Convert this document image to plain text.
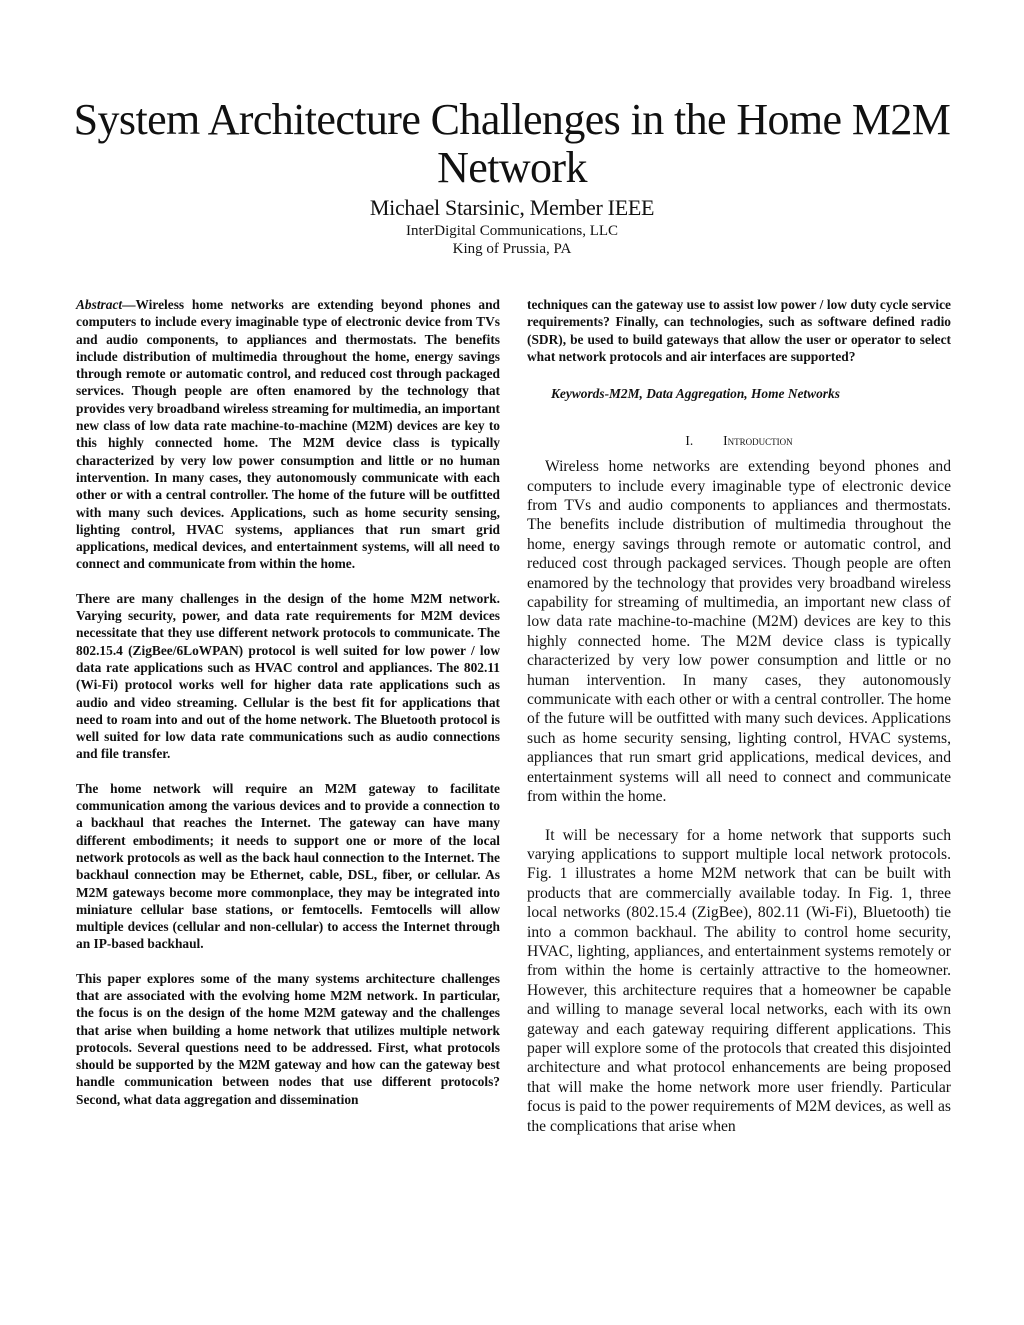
System Architecture Challenges in the Home M2M Network
Michael Starsinic, Member IEEE
InterDigital Communications, LLC
King of Prussia, PA

Abstract—Wireless home networks are extending beyond phones and computers to include every imaginable type of electronic device from TVs and audio components, to appliances and thermostats. The benefits include distribution of multimedia throughout the home, energy savings through remote or automatic control, and reduced cost through packaged services. Though people are often enamored by the technology that provides very broadband wireless streaming for multimedia, an important new class of low data rate machine-to-machine (M2M) devices are key to this highly connected home. The M2M device class is typically characterized by very low power consumption and little or no human intervention. In many cases, they autonomously communicate with each other or with a central controller. The home of the future will be outfitted with many such devices. Applications, such as home security sensing, lighting control, HVAC systems, appliances that run smart grid applications, medical devices, and entertainment systems, will all need to connect and communicate from within the home.

There are many challenges in the design of the home M2M network. Varying security, power, and data rate requirements for M2M devices necessitate that they use different network protocols to communicate. The 802.15.4 (ZigBee/6LoWPAN) protocol is well suited for low power / low data rate applications such as HVAC control and appliances. The 802.11 (Wi-Fi) protocol works well for higher data rate applications such as audio and video streaming. Cellular is the best fit for applications that need to roam into and out of the home network. The Bluetooth protocol is well suited for low data rate communications such as audio connections and file transfer.

The home network will require an M2M gateway to facilitate communication among the various devices and to provide a connection to a backhaul that reaches the Internet. The gateway can have many different embodiments; it needs to support one or more of the local network protocols as well as the back haul connection to the Internet. The backhaul connection may be Ethernet, cable, DSL, fiber, or cellular. As M2M gateways become more commonplace, they may be integrated into miniature cellular base stations, or femtocells. Femtocells will allow multiple devices (cellular and non-cellular) to access the Internet through an IP-based backhaul.

This paper explores some of the many systems architecture challenges that are associated with the evolving home M2M network. In particular, the focus is on the design of the home M2M gateway and the challenges that arise when building a home network that utilizes multiple network protocols. Several questions need to be addressed. First, what protocols should be supported by the M2M gateway and how can the gateway best handle communication between nodes that use different protocols? Second, what data aggregation and dissemination

techniques can the gateway use to assist low power / low duty cycle service requirements? Finally, can technologies, such as software defined radio (SDR), be used to build gateways that allow the user or operator to select what network protocols and air interfaces are supported?

Keywords-M2M, Data Aggregation, Home Networks
I. Introduction

Wireless home networks are extending beyond phones and computers to include every imaginable type of electronic device from TVs and audio components to appliances and thermostats. The benefits include distribution of multimedia throughout the home, energy savings through remote or automatic control, and reduced cost through packaged services. Though people are often enamored by the technology that provides very broadband wireless capability for streaming of multimedia, an important new class of low data rate machine-to-machine (M2M) devices are key to this highly connected home. The M2M device class is typically characterized by very low power consumption and little or no human intervention. In many cases, they autonomously communicate with each other or with a central controller. The home of the future will be outfitted with many such devices. Applications such as home security sensing, lighting control, HVAC systems, appliances that run smart grid applications, medical devices, and entertainment systems will all need to connect and communicate from within the home.

It will be necessary for a home network that supports such varying applications to support multiple local network protocols. Fig. 1 illustrates a home M2M network that can be built with products that are commercially available today. In Fig. 1, three local networks (802.15.4 (ZigBee), 802.11 (Wi-Fi), Bluetooth) tie into a common backhaul. The ability to control home security, HVAC, lighting, appliances, and entertainment systems remotely or from within the home is certainly attractive to the homeowner. However, this architecture requires that a homeowner be capable and willing to manage several local networks, each with its own gateway and each gateway requiring different applications. This paper will explore some of the protocols that created this disjointed architecture and what protocol enhancements are being proposed that will make the home network more user friendly. Particular focus is paid to the power requirements of M2M devices, as well as the complications that arise when
